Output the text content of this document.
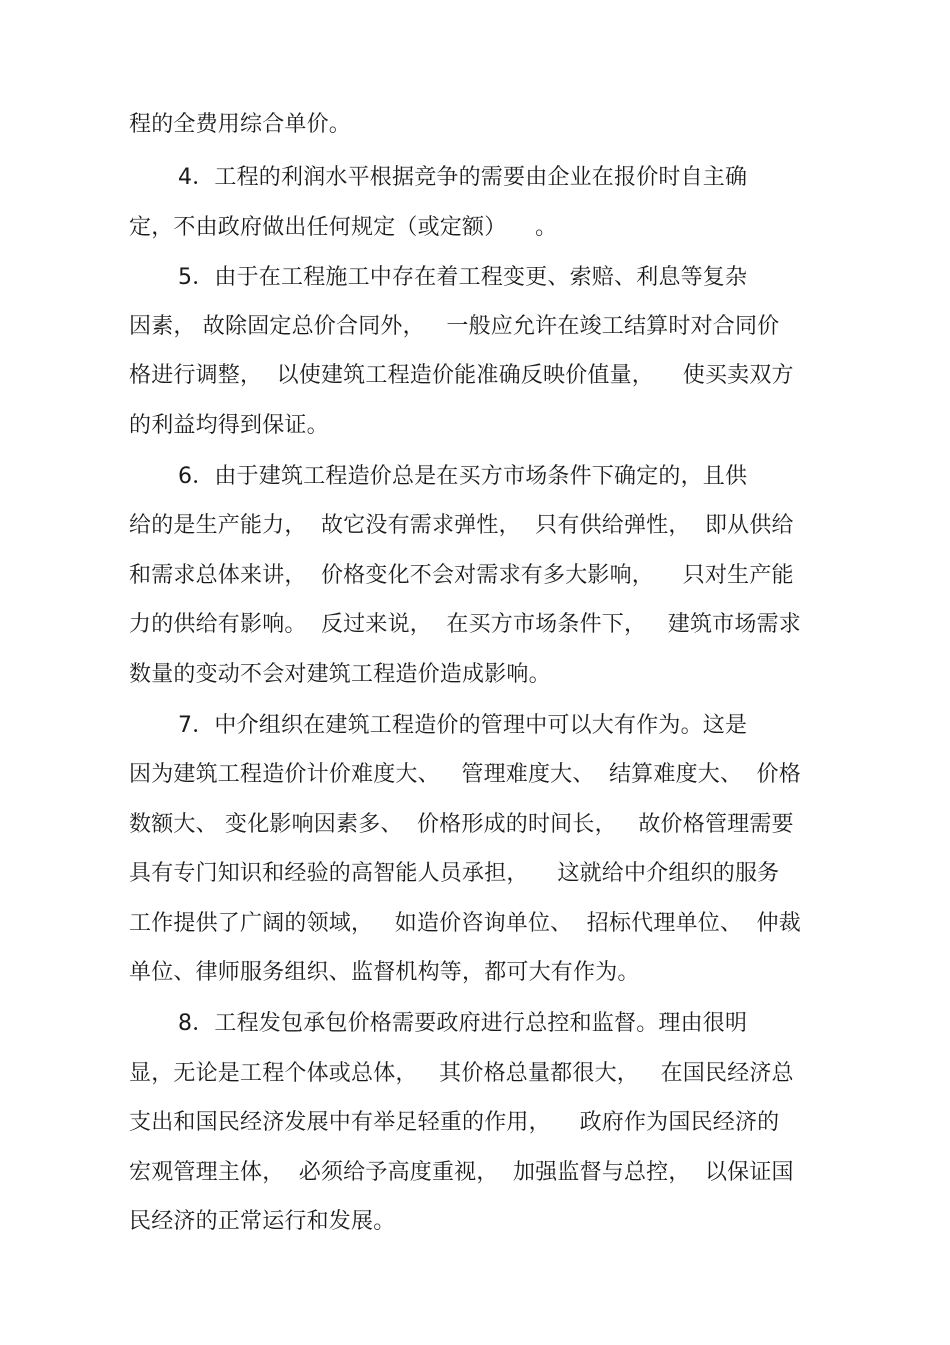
程的全费用综合单价。
4．工程的利润水平根据竞争的需要由企业在报价时自主确
定，不由政府做出任何规定（或定额）    。
5．由于在工程施工中存在着工程变更、索赔、利息等复杂
因素， 故除固定总价合同外，   一般应允许在竣工结算时对合同价
格进行调整，  以使建筑工程造价能准确反映价值量，    使买卖双方
的利益均得到保证。
6．由于建筑工程造价总是在买方市场条件下确定的，且供
给的是生产能力，  故它没有需求弹性，  只有供给弹性，  即从供给
和需求总体来讲，  价格变化不会对需求有多大影响，    只对生产能
力的供给有影响。  反过来说，  在买方市场条件下，   建筑市场需求
数量的变动不会对建筑工程造价造成影响。
7．中介组织在建筑工程造价的管理中可以大有作为。这是
因为建筑工程造价计价难度大、   管理难度大、  结算难度大、  价格
数额大、 变化影响因素多、  价格形成的时间长，   故价格管理需要
具有专门知识和经验的高智能人员承担，    这就给中介组织的服务
工作提供了广阔的领域，   如造价咨询单位、  招标代理单位、  仲裁
单位、律师服务组织、监督机构等，都可大有作为。
8．工程发包承包价格需要政府进行总控和监督。理由很明
显，无论是工程个体或总体，   其价格总量都很大，   在国民经济总
支出和国民经济发展中有举足轻重的作用，    政府作为国民经济的
宏观管理主体，  必须给予高度重视，  加强监督与总控，  以保证国
民经济的正常运行和发展。
